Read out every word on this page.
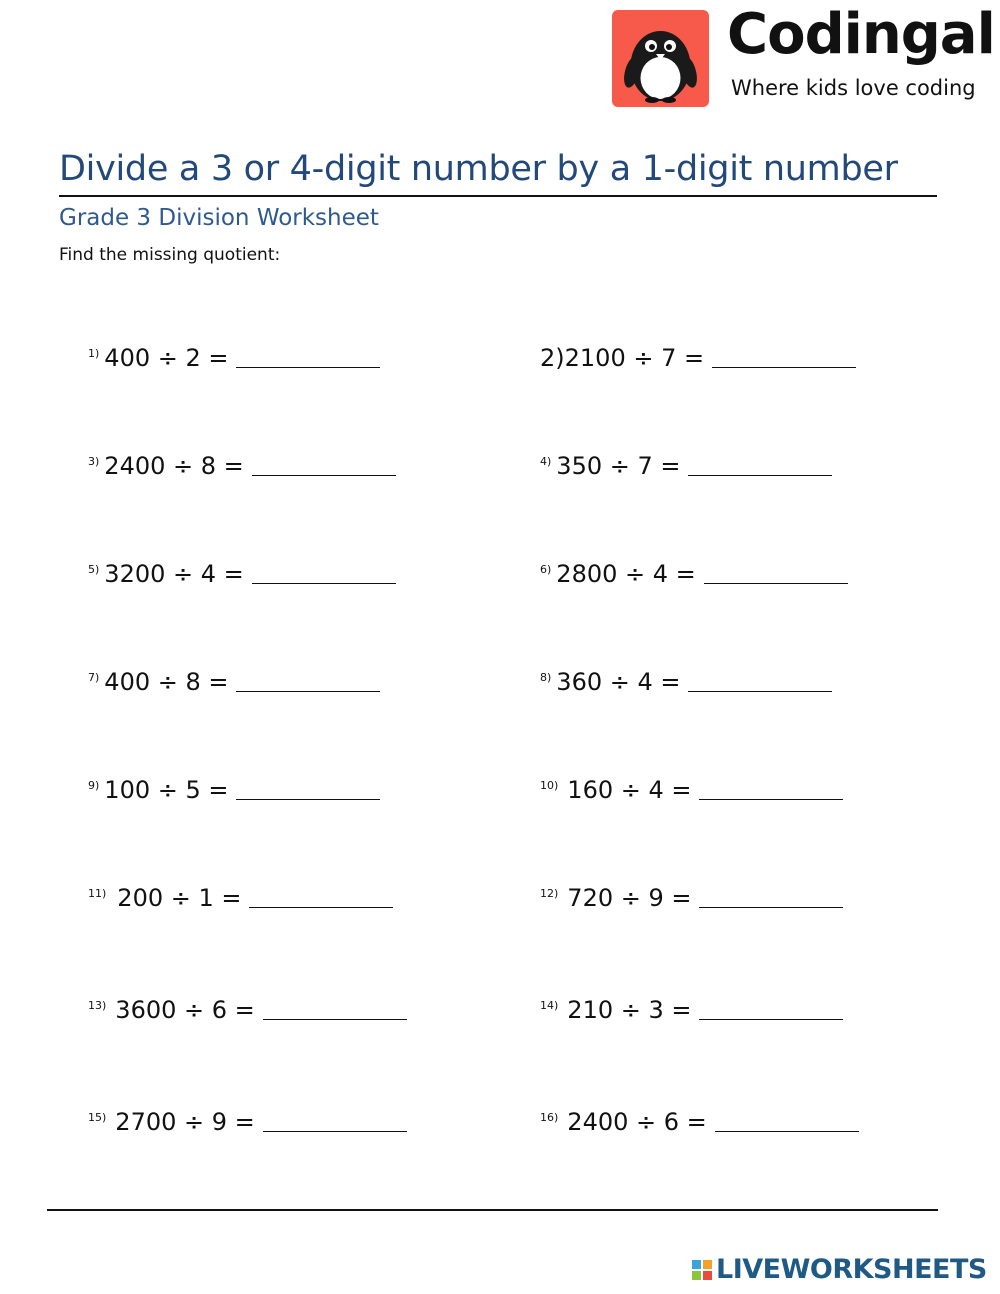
Codingal
Where kids love coding
Divide a 3 or 4-digit number by a 1-digit number
Grade 3 Division Worksheet
Find the missing quotient:
1) 400 ÷ 2 =
3) 2400 ÷ 8 =
5) 3200 ÷ 4 =
7) 400 ÷ 8 =
9) 100 ÷ 5 =
11) 200 ÷ 1 =
13) 3600 ÷ 6 =
15) 2700 ÷ 9 =
2) 2100 ÷ 7 =
4) 350 ÷ 7 =
6) 2800 ÷ 4 =
8) 360 ÷ 4 =
10) 160 ÷ 4 =
12) 720 ÷ 9 =
14) 210 ÷ 3 =
16) 2400 ÷ 6 =
LIVEWORKSHEETS
